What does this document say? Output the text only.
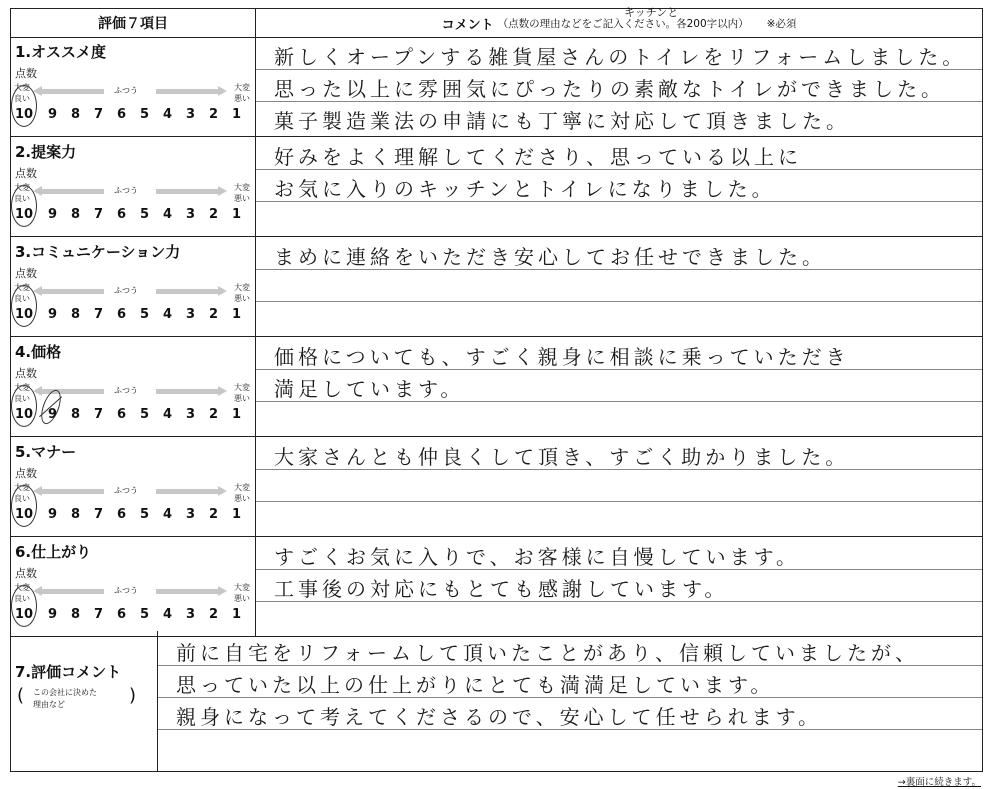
評価７項目	コメント （点数の理由などをご記入ください。各200字以内） ※必須
キッチンと
1.オススメ度
点数
大変
良い
ふつう	大変
悪い
10 9 8 7 6 5 4 3 2 1
新しくオープンする雑貨屋さんのトイレをリフォームしました。
思った以上に雰囲気にぴったりの素敵なトイレができました。
菓子製造業法の申請にも丁寧に対応して頂きました。
2.提案力
点数
大変
良い
ふつう	大変
悪い
10 9 8 7 6 5 4 3 2 1
好みをよく理解してくださり、思っている以上に
お気に入りのキッチンとトイレになりました。
3.コミュニケーション力
点数
大変
良い
ふつう	大変
悪い
10 9 8 7 6 5 4 3 2 1
まめに連絡をいただき安心してお任せできました。
4.価格
点数
大変
良い
ふつう	大変
悪い
10 9 8 7 6 5 4 3 2 1
価格についても、すごく親身に相談に乗っていただき
満足しています。
5.マナー
点数
大変
良い
ふつう	大変
悪い
10 9 8 7 6 5 4 3 2 1
大家さんとも仲良くして頂き、すごく助かりました。
6.仕上がり
点数
大変
良い
ふつう	大変
悪い
10 9 8 7 6 5 4 3 2 1
すごくお気に入りで、お客様に自慢しています。
工事後の対応にもとても感謝しています。
7.評価コメント
( この会社に決めた
理由など	)
前に自宅をリフォームして頂いたことがあり、信頼していましたが、
思っていた以上の仕上がりにとても満満足しています。
親身になって考えてくださるので、安心して任せられます。
→裏面に続きます。
